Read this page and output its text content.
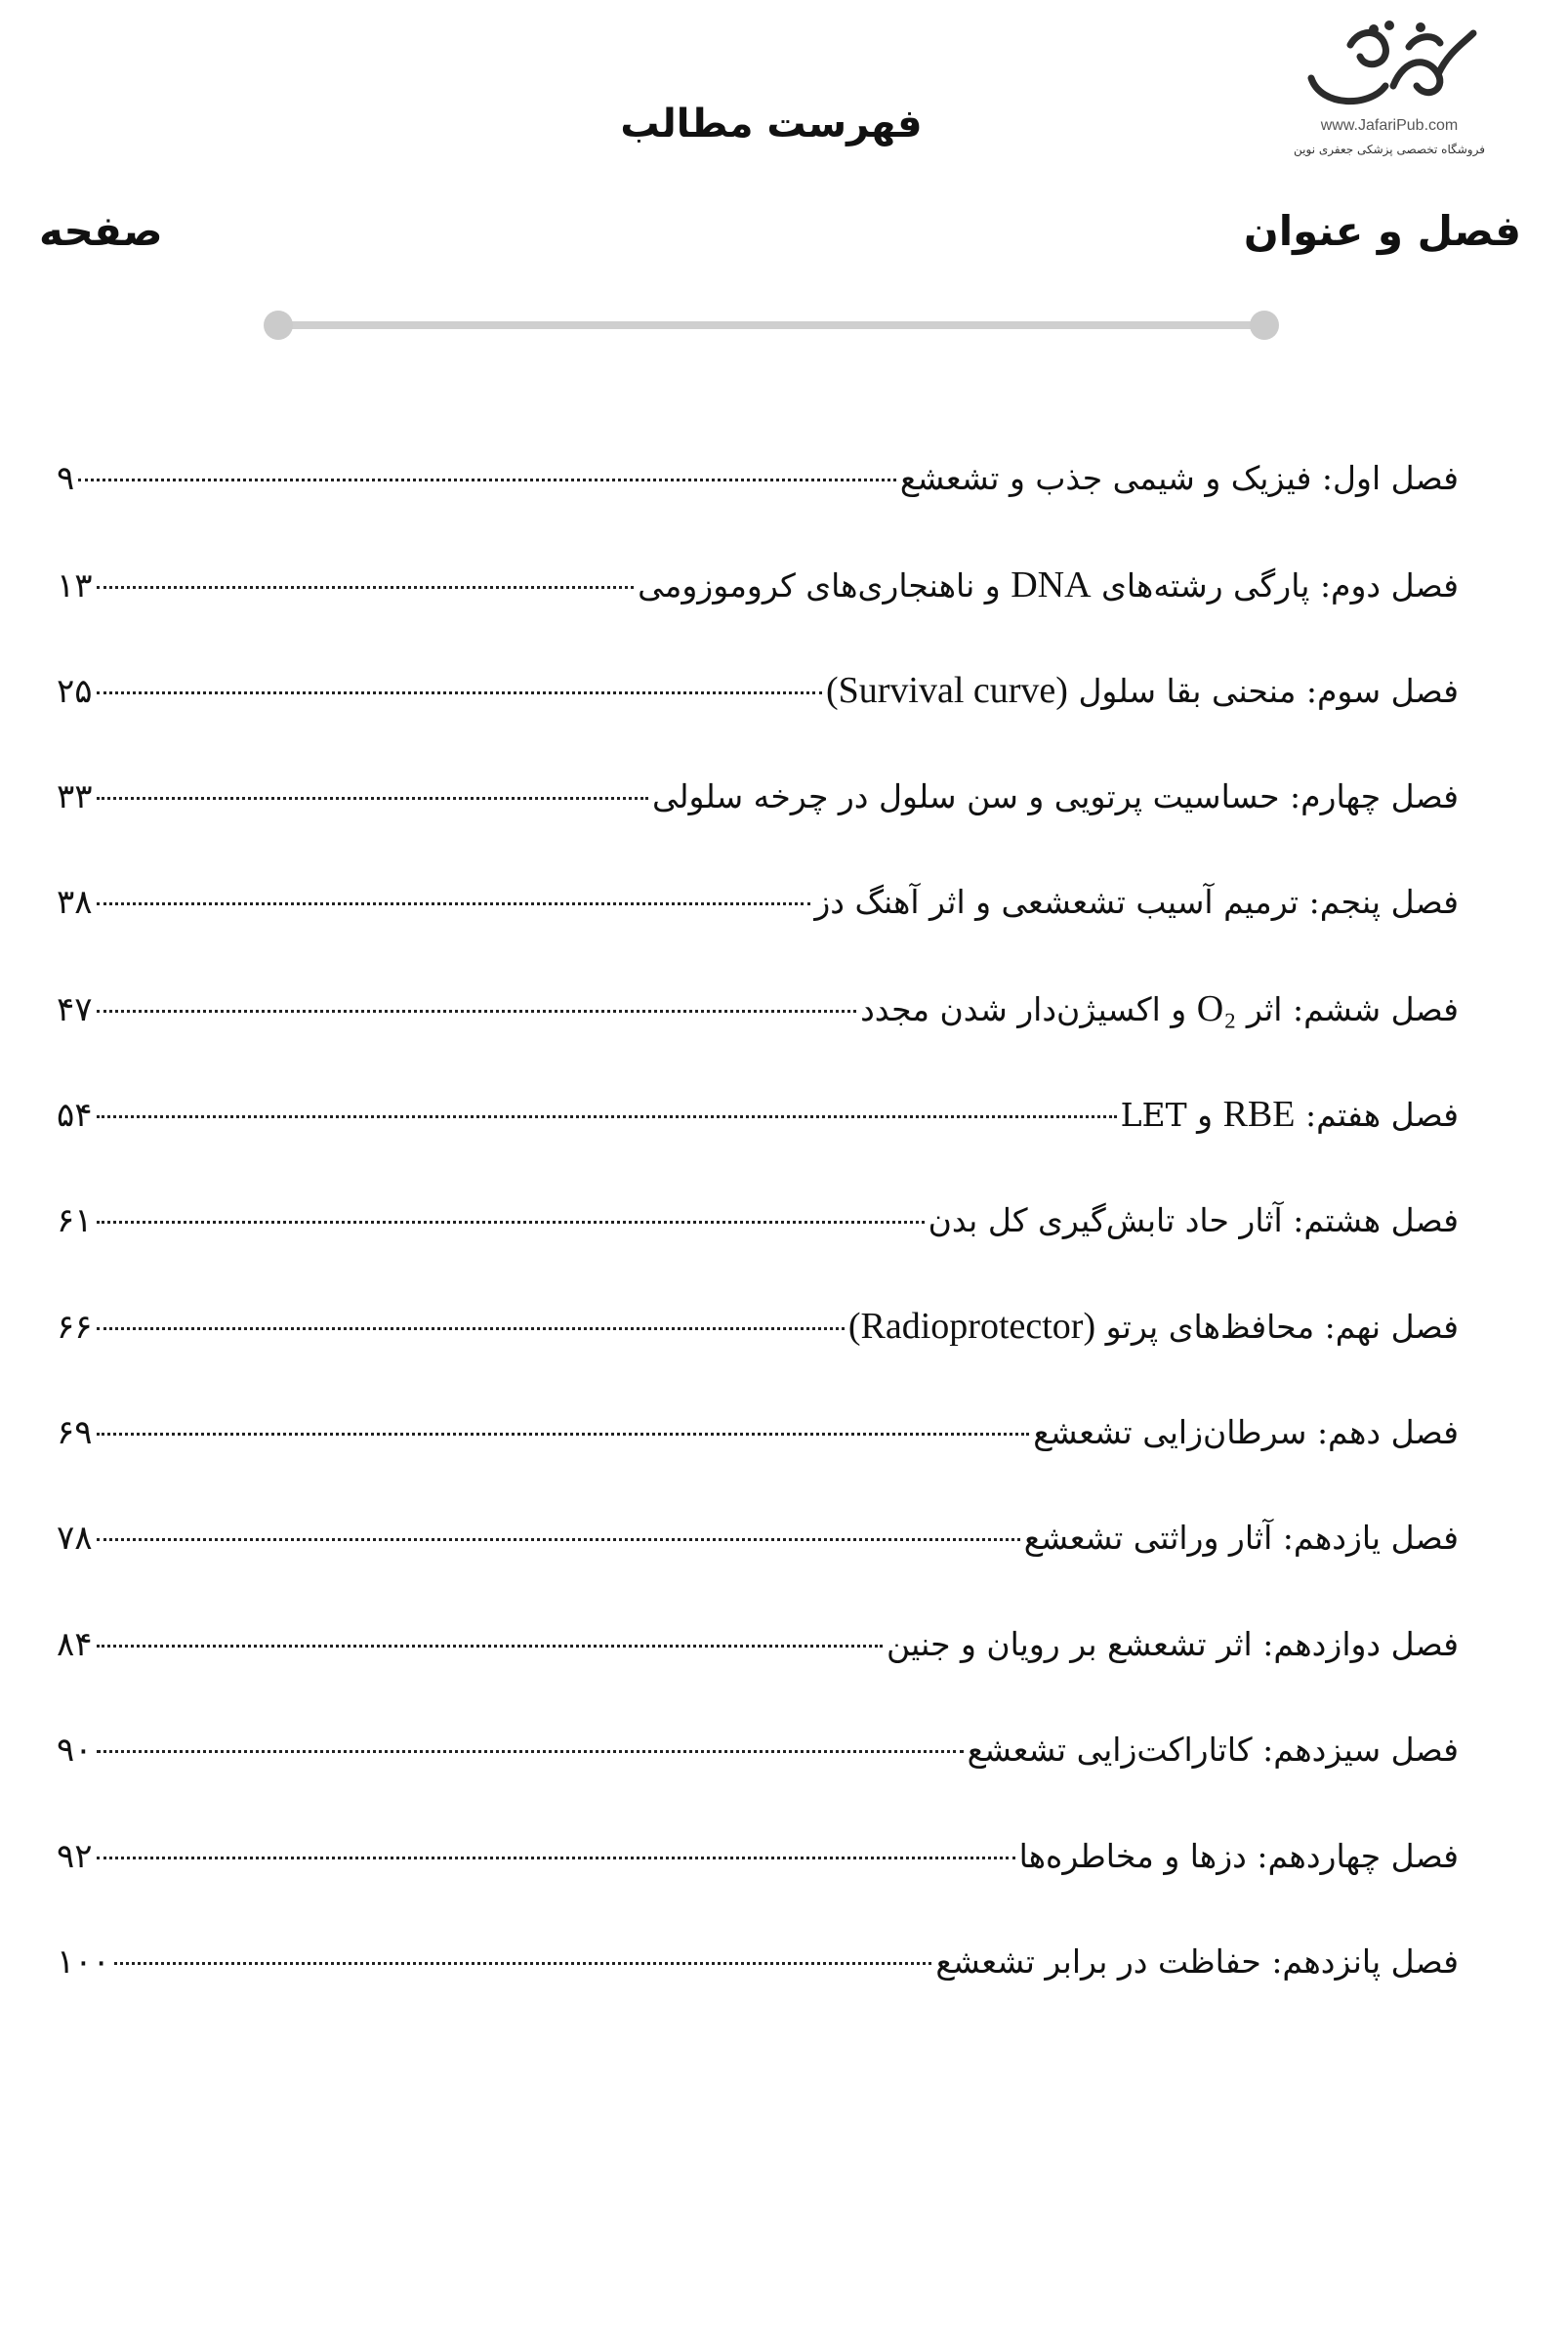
www.JafariPub.com
فروشگاه تخصصی پزشکی جعفری نوین
فهرست مطالب
فصل و عنوان
صفحه
فصل اول: فیزیک و شیمی جذب و تشعشع
۹
فصل دوم: پارگی رشته‌های DNA و ناهنجاری‌های کروموزومی
۱۳
فصل سوم: منحنی بقا سلول (Survival curve)
۲۵
فصل چهارم: حساسیت پرتویی و سن سلول در چرخه سلولی
۳۳
فصل پنجم: ترمیم آسیب تشعشعی و اثر آهنگ دز
۳۸
فصل ششم: اثر O₂ و اکسیژن‌دار شدن مجدد
۴۷
فصل هفتم: RBE و LET
۵۴
فصل هشتم: آثار حاد تابش‌گیری کل بدن
۶۱
فصل نهم: محافظ‌های پرتو (Radioprotector)
۶۶
فصل دهم: سرطان‌زایی تشعشع
۶۹
فصل یازدهم: آثار وراثتی تشعشع
۷۸
فصل دوازدهم: اثر تشعشع بر رویان و جنین
۸۴
فصل سیزدهم: کاتاراکت‌زایی تشعشع
۹۰
فصل چهاردهم: دزها و مخاطره‌ها
۹۲
فصل پانزدهم: حفاظت در برابر تشعشع
۱۰۰
